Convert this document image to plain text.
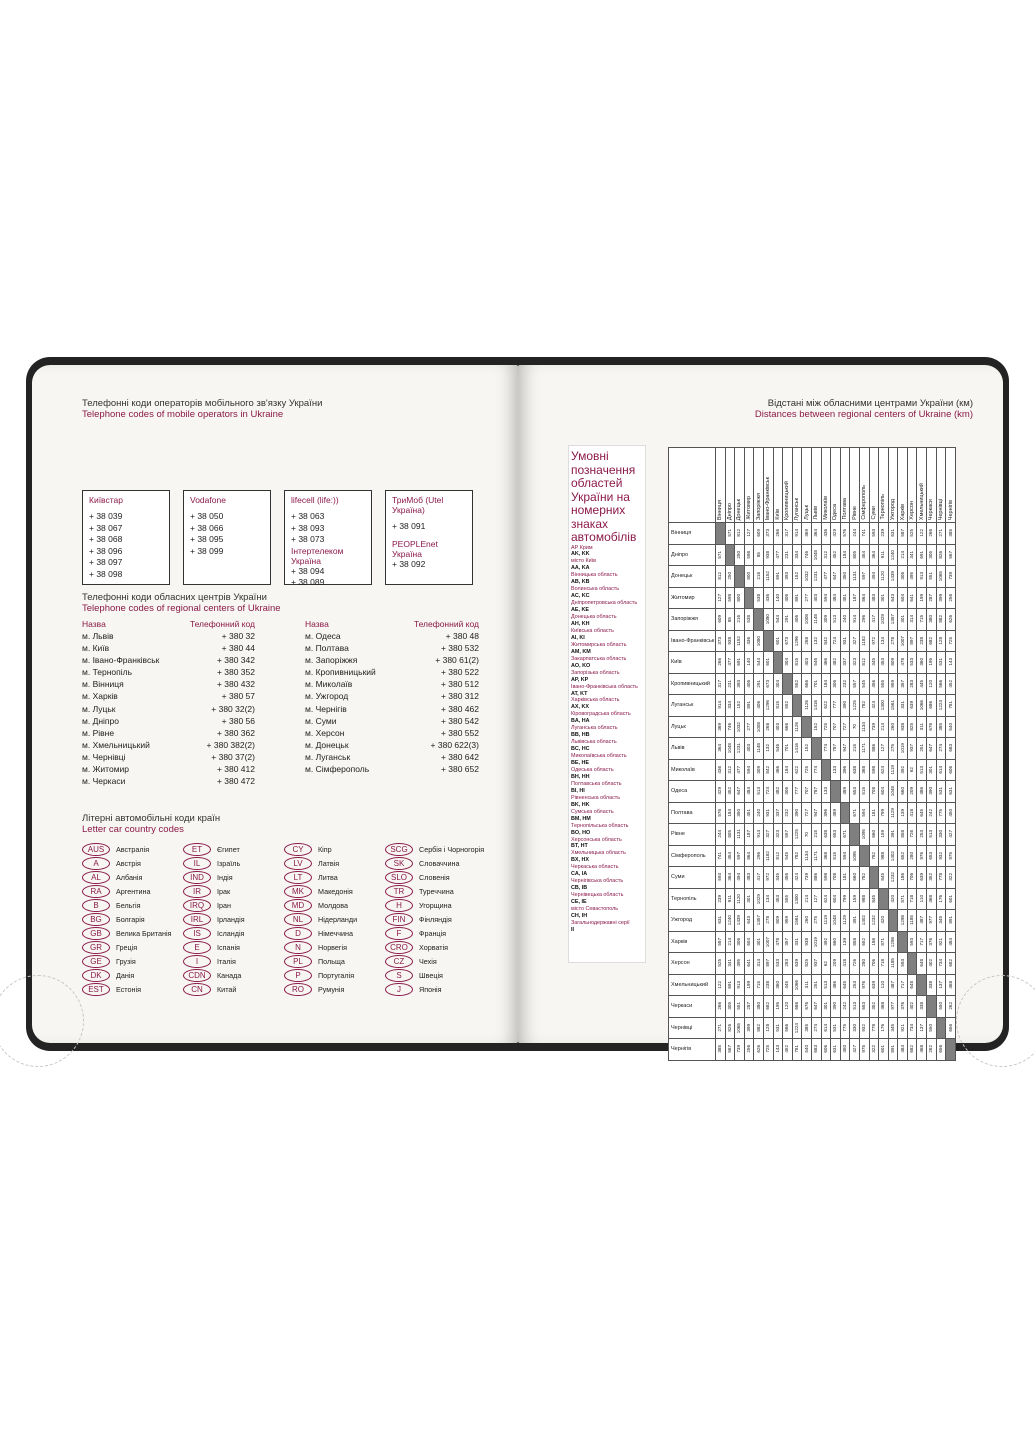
Телефонні коди операторів мобільного зв'язку України
Telephone codes of mobile operators in Ukraine
Київстар
+ 38 039
+ 38 067
+ 38 068
+ 38 096
+ 38 097
+ 38 098
Vodafone
+ 38 050
+ 38 066
+ 38 095
+ 38 099
lifecell (life:))
+ 38 063
+ 38 093
+ 38 073
Інтертелеком Україна
+ 38 094
+ 38 089
ТриМоб (Utel Україна)
+ 38 091
PEOPLEnet Україна
+ 38 092
Телефонні коди обласних центрів України
Telephone codes of regional centers of Ukraine
Назва	Телефонний код
м. Львів	+ 380 32
м. Київ	+ 380 44
м. Івано-Франківськ	+ 380 342
м. Тернопіль	+ 380 352
м. Вінниця	+ 380 432
м. Харків	+ 380 57
м. Луцьк	+ 380 32(2)
м. Дніпро	+ 380 56
м. Рівне	+ 380 362
м. Хмельницький	+ 380 382(2)
м. Чернівці	+ 380 37(2)
м. Житомир	+ 380 412
м. Черкаси	+ 380 472
Назва	Телефонний код
м. Одеса	+ 380 48
м. Полтава	+ 380 532
м. Запоріжжя	+ 380 61(2)
м. Кропивницький	+ 380 522
м. Миколаїв	+ 380 512
м. Ужгород	+ 380 312
м. Чернігів	+ 380 462
м. Суми	+ 380 542
м. Херсон	+ 380 552
м. Донецьк	+ 380 622(3)
м. Луганськ	+ 380 642
м. Сімферополь	+ 380 652
Літерні автомобільні коди країн
Letter car country codes
AUS	Австралія
A	Австрія
AL	Албанія
RA	Аргентина
B	Бельгія
BG	Болгарія
GB	Велика Британія
GR	Греція
GE	Грузія
DK	Данія
EST	Естонія
ET	Єгипет
IL	Ізраїль
IND	Індія
IR	Ірак
IRQ	Іран
IRL	Ірландія
IS	Ісландія
E	Іспанія
I	Італія
CDN	Канада
CN	Китай
CY	Кіпр
LV	Латвія
LT	Литва
MK	Македонія
MD	Молдова
NL	Нідерланди
D	Німеччина
N	Норвегія
PL	Польща
P	Португалія
RO	Румунія
SCG	Сербія і Чорногорія
SK	Словаччина
SLO	Словенія
TR	Туреччина
H	Угорщина
FIN	Фінляндія
F	Франція
CRO	Хорватія
CZ	Чехія
S	Швеція
J	Японія
Відстані між обласними центрами України (км)
Distances between regional centers of Ukraine (km)
Умовні позначення областей України на номерних знаках автомобілів
АР Крим
AK, KK
місто Київ
AA, KA
Вінницька область
AB, KB
Волинська область
AC, KC
Дніпропетровська область
AE, KE
Донецька область
AH, KH
Київська область
AI, KI
Житомирська область
AM, KM
Закарпатська область
AO, KO
Запорізька область
AP, KP
Івано-Франківська область
AT, KT
Харківська область
AX, KX
Кіровоградська область
BA, HA
Луганська область
BB, HB
Львівська область
BC, HC
Миколаївська область
BE, HE
Одеська область
BH, HH
Полтавська область
BI, HI
Рівненська область
BK, HK
Сумська область
BM, HM
Тернопільська область
BO, HO
Херсонська область
BT, HT
Хмельницька область
BX, HX
Черкаська область
CA, IA
Чернігівська область
CB, IB
Чернівецька область
CE, IE
місто Севастополь
CH, IH
Загальнодержавні серії
II

	Вінниця	Дніпро	Донецьк	Житомир	Запоріжжя	Івано-Франківськ	Київ	Кропивницький	Луганськ	Луцьк	Львів	Миколаїв	Одеса	Полтава	Рівне	Сімферополь	Суми	Тернопіль	Ужгород	Харків	Херсон	Хмельницький	Черкаси	Чернівці	Чернігів

Вінниця		571	812	127	609	373	266	317	914	369	364	436	429	576	244	741	593	239	631	587	525	122	266	271	385

Дніпро	571		250	598	85	938	477	231	334	746	1048	312	452	184	805	454	364	911	1240	214	341	691	305	826	567

Донецьк	812	250		800	216	1152	691	393	152	1032	1231	477	647	350	1131	597	494	1120	1439	306	495	913	551	1065	739

Житомир	127	598	800		538	436	140	406	891	277	403	594	484	451	187	864	483	301	643	604	641	199	287	399	256

Запоріжжя	609	85	216	538		1080	544	291	406	1008	1148	309	513	240	914	296	417	1029	1357	301	314	715	380	882	626

Івано-Франківськ	373	938	1152	436	1080		601	673	1296	268	132	842	724	931	327	1182	972	134	278	1007	897	238	682	128	725

Київ	266	477	691	140	544	601		304	815	403	546	466	482	337	323	812	345	453	809	478	533	360	195	531	143

Кропивницький	317	231	393	406	291	673	304		552	666	701	184	306	232	557	545	456	555	959	357	283	445	120	566	452

Луганськ	914	334	152	891	406	1296	815	552		1126	1416	622	777	390	1225	782	424	1300	1561	331	639	1066	686	1224	781

Луцьк	369	746	1032	277	1008	268	403	666	1126		152	725	707	727	70	1134	739	214	260	938	825	311	676	385	540

Львів	364	1048	1231	403	1148	132	546	701	1416	152		774	787	947	215	1171	886	127	275	1019	937	251	647	274	683

Миколаїв	436	312	477	594	309	842	466	184	622	725	774		133	396	638	368	598	624	1119	492	62	513	301	614	606

Одеса	429	452	647	484	513	724	482	306	777	707	787	133		489	653	515	708	604	1048	660	209	486	390	531	631

Полтава	576	184	350	451	240	931	337	232	390	727	947	396	489		671	594	181	799	1129	139	418	645	242	775	450

Рівне	244	805	1131	187	914	327	323	557	1225	70	215	638	653	671		1095	660	159	391	858	726	253	513	330	427

Сімферополь	741	454	597	864	296	1182	812	545	782	1134	1171	368	515	594	1095		782	988	1402	652	280	976	653	932	975

Суми	593	364	494	483	417	972	345	456	424	739	886	598	708	181	660	782		845	1232	186	706	639	352	778	322

Тернопіль	239	911	1120	301	1029	134	453	555	1300	214	127	624	604	799	159	988	845		420	871	718	110	468	176	601

Ужгород	631	1240	1439	643	1357	278	809	959	1561	260	275	1119	1048	1129	391	1402	1232	420		1298	1185	487	977	345	891

Харків	587	214	306	604	301	1007	478	357	331	938	1019	492	660	139	858	652	186	871	1298		593	717	376	921	484

Херсон	525	341	495	641	314	897	533	283	639	825	937	62	209	418	726	280	706	718	1185	593		648	402	734	682

Хмельницький	122	691	913	199	715	238	360	445	1066	311	251	513	486	645	253	976	639	110	487	717	648		338	137	468

Черкаси	266	305	551	287	380	682	195	120	686	676	647	301	390	242	513	653	352	468	977	376	402	338		550	262

Чернівці	271	826	1065	399	882	128	531	566	1224	385	274	614	531	775	330	932	778	176	345	921	734	137	550		656

Чернігів	385	567	739	256	626	725	143	452	781	540	683	606	631	450	427	975	322	601	891	484	682	468	262	656	
